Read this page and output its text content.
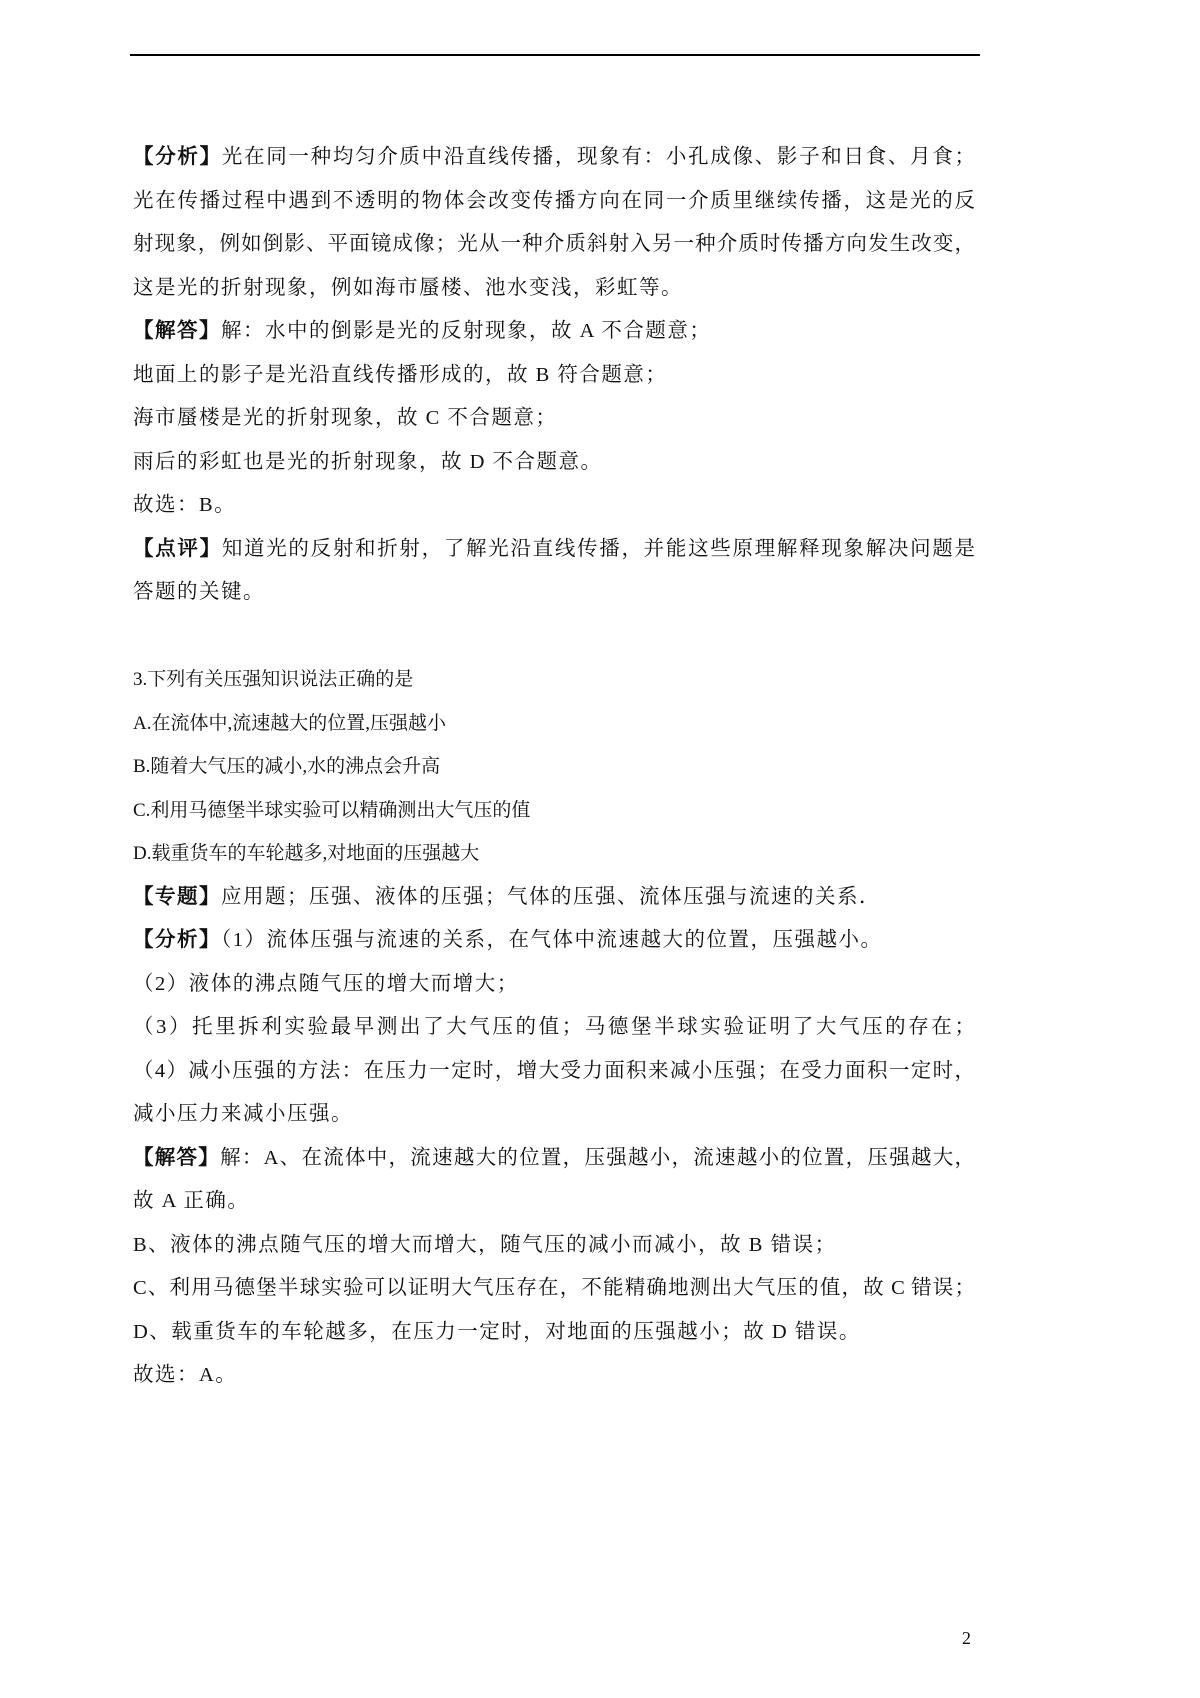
【分析】光在同一种均匀介质中沿直线传播，现象有：小孔成像、影子和日食、月食；
光在传播过程中遇到不透明的物体会改变传播方向在同一介质里继续传播，这是光的反
射现象，例如倒影、平面镜成像；光从一种介质斜射入另一种介质时传播方向发生改变，
这是光的折射现象，例如海市蜃楼、池水变浅，彩虹等。
【解答】解：水中的倒影是光的反射现象，故 A 不合题意；
地面上的影子是光沿直线传播形成的，故 B 符合题意；
海市蜃楼是光的折射现象，故 C 不合题意；
雨后的彩虹也是光的折射现象，故 D 不合题意。
故选：B。
【点评】知道光的反射和折射，了解光沿直线传播，并能这些原理解释现象解决问题是
答题的关键。
3.下列有关压强知识说法正确的是
A.在流体中,流速越大的位置,压强越小
B.随着大气压的减小,水的沸点会升高
C.利用马德堡半球实验可以精确测出大气压的值
D.载重货车的车轮越多,对地面的压强越大
【专题】应用题；压强、液体的压强；气体的压强、流体压强与流速的关系．
【分析】（1）流体压强与流速的关系，在气体中流速越大的位置，压强越小。
（2）液体的沸点随气压的增大而增大；
（3）托里拆利实验最早测出了大气压的值；马德堡半球实验证明了大气压的存在；
（4）减小压强的方法：在压力一定时，增大受力面积来减小压强；在受力面积一定时，
减小压力来减小压强。
【解答】解：A、在流体中，流速越大的位置，压强越小，流速越小的位置，压强越大，
故 A 正确。
B、液体的沸点随气压的增大而增大，随气压的减小而减小，故 B 错误；
C、利用马德堡半球实验可以证明大气压存在，不能精确地测出大气压的值，故 C 错误；
D、载重货车的车轮越多，在压力一定时，对地面的压强越小；故 D 错误。
故选：A。
2
